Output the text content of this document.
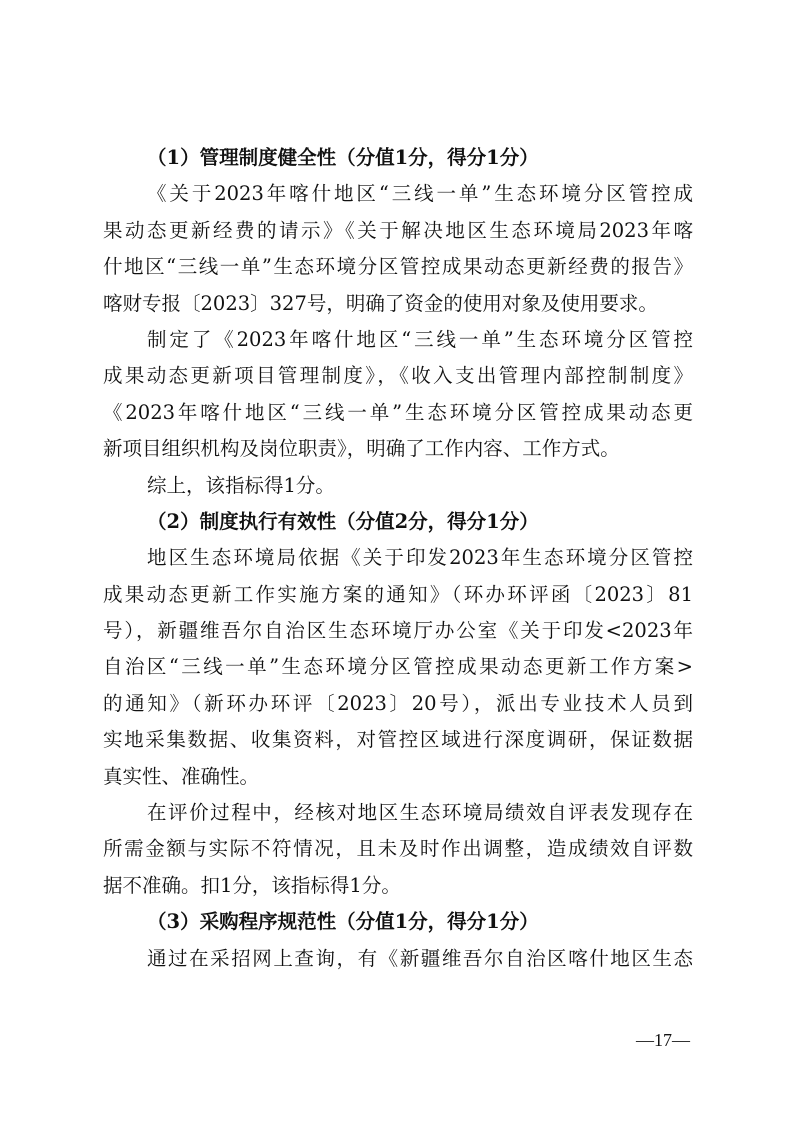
（1）管理制度健全性（分值1分，得分1分）
《关于2023年喀什地区“三线一单”生态环境分区管控成
果动态更新经费的请示》《关于解决地区生态环境局2023年喀
什地区“三线一单”生态环境分区管控成果动态更新经费的报告》
喀财专报〔2023〕327号，明确了资金的使用对象及使用要求。
制定了《2023年喀什地区“三线一单”生态环境分区管控
成果动态更新项目管理制度》，《收入支出管理内部控制制度》
《2023年喀什地区“三线一单”生态环境分区管控成果动态更
新项目组织机构及岗位职责》，明确了工作内容、工作方式。
综上，该指标得1分。
（2）制度执行有效性（分值2分，得分1分）
地区生态环境局依据《关于印发2023年生态环境分区管控
成果动态更新工作实施方案的通知》（环办环评函〔2023〕81
号），新疆维吾尔自治区生态环境厅办公室《关于印发<2023年
自治区“三线一单”生态环境分区管控成果动态更新工作方案>
的通知》（新环办环评〔2023〕20号），派出专业技术人员到
实地采集数据、收集资料，对管控区域进行深度调研，保证数据
真实性、准确性。
在评价过程中，经核对地区生态环境局绩效自评表发现存在
所需金额与实际不符情况，且未及时作出调整，造成绩效自评数
据不准确。扣1分，该指标得1分。
（3）采购程序规范性（分值1分，得分1分）
通过在采招网上查询，有《新疆维吾尔自治区喀什地区生态
—17—
